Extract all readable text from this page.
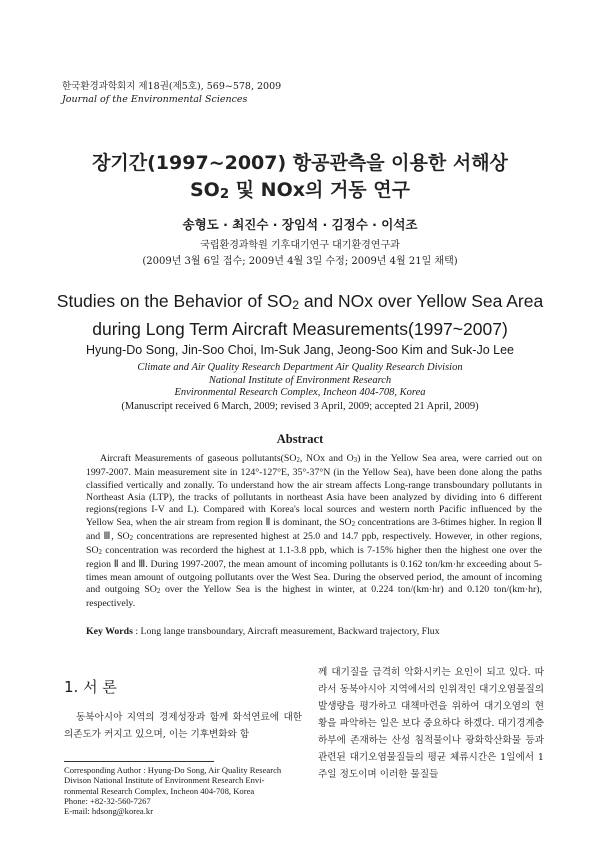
한국환경과학회지 제18권(제5호), 569~578, 2009
Journal of the Environmental Sciences
장기간(1997~2007) 항공관측을 이용한 서해상
SO2 및 NOx의 거동 연구
송형도 · 최진수 · 장임석 · 김정수 · 이석조
국립환경과학원 기후대기연구 대기환경연구과
(2009년 3월 6일 접수; 2009년 4월 3일 수정; 2009년 4월 21일 채택)
Studies on the Behavior of SO2 and NOx over Yellow Sea Area
during Long Term Aircraft Measurements(1997~2007)
Hyung-Do Song, Jin-Soo Choi, Im-Suk Jang, Jeong-Soo Kim and Suk-Jo Lee
Climate and Air Quality Research Department Air Quality Research Division
National Institute of Environment Research
Environmental Research Complex, Incheon 404-708, Korea
(Manuscript received 6 March, 2009; revised 3 April, 2009; accepted 21 April, 2009)
Abstract
Aircraft Measurements of gaseous pollutants(SO2, NOx and O3) in the Yellow Sea area, were carried out on 1997-2007. Main measurement site in 124°-127°E, 35°-37°N (in the Yellow Sea), have been done along the paths classified vertically and zonally. To understand how the air stream affects Long-range transboundary pollutants in Northeast Asia (LTP), the tracks of pollutants in northeast Asia have been analyzed by dividing into 6 different regions(regions I-V and L). Compared with Korea's local sources and western north Pacific influenced by the Yellow Sea, when the air stream from region Ⅱ is dominant, the SO2 concentrations are 3-6times higher. In region Ⅱ and Ⅲ, SO2 concentrations are represented highest at 25.0 and 14.7 ppb, respectively. However, in other regions, SO2 concentration was recorderd the highest at 1.1-3.8 ppb, which is 7-15% higher then the highest one over the region Ⅱ and Ⅲ. During 1997-2007, the mean amount of incoming pollutants is 0.162 ton/km·hr exceeding about 5-times mean amount of outgoing pollutants over the West Sea. During the observed period, the amount of incoming and outgoing SO2 over the Yellow Sea is the highest in winter, at 0.224 ton/(km·hr) and 0.120 ton/(km·hr), respectively.
Key Words : Long lange transboundary, Aircraft measurement, Backward trajectory, Flux
1. 서 론
동북아시아 지역의 경제성장과 함께 화석연료에 대한 의존도가 커지고 있으며, 이는 기후변화와 함
Corresponding Author : Hyung-Do Song, Air Quality Research
Divison National Institute of Environment Research Envi-
ronmental Research Complex, Incheon 404-708, Korea
Phone: +82-32-560-7267
E-mail: hdsong@korea.kr
께 대기질을 급격히 악화시키는 요인이 되고 있다. 따라서 동북아시아 지역에서의 인위적인 대기오염물질의 발생량을 평가하고 대책마련을 위하여 대기오염의 현황을 파악하는 일은 보다 중요하다 하겠다. 대기경계층 하부에 존재하는 산성 침적물이나 광화학산화물 등과 관련된 대기오염물질들의 평균 체류시간은 1일에서 1주일 정도이며 이러한 물질들
